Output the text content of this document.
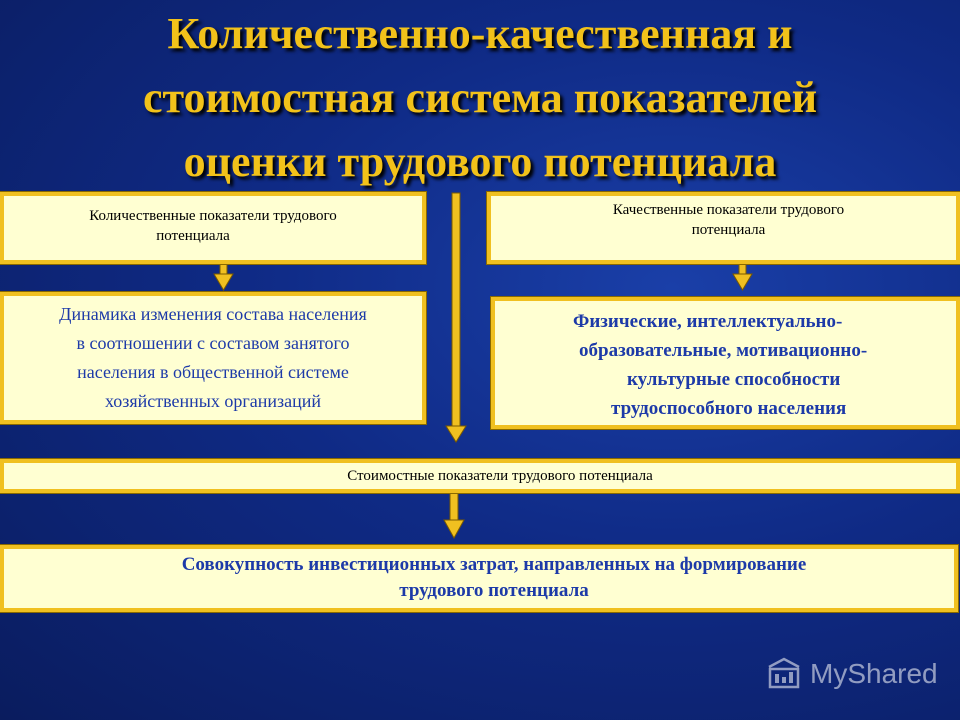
Количественно-качественная и
стоимостная система показателей
оценки трудового потенциала
Количественные показатели трудового
потенциала
Качественные показатели трудового
потенциала
Динамика изменения состава населения
в соотношении с составом занятого
населения в общественной системе
хозяйственных организаций
Физические, интеллектуально-
образовательные, мотивационно-
культурные способности
трудоспособного населения
Стоимостные показатели трудового потенциала
Совокупность инвестиционных затрат, направленных на формирование
трудового потенциала
MyShared
